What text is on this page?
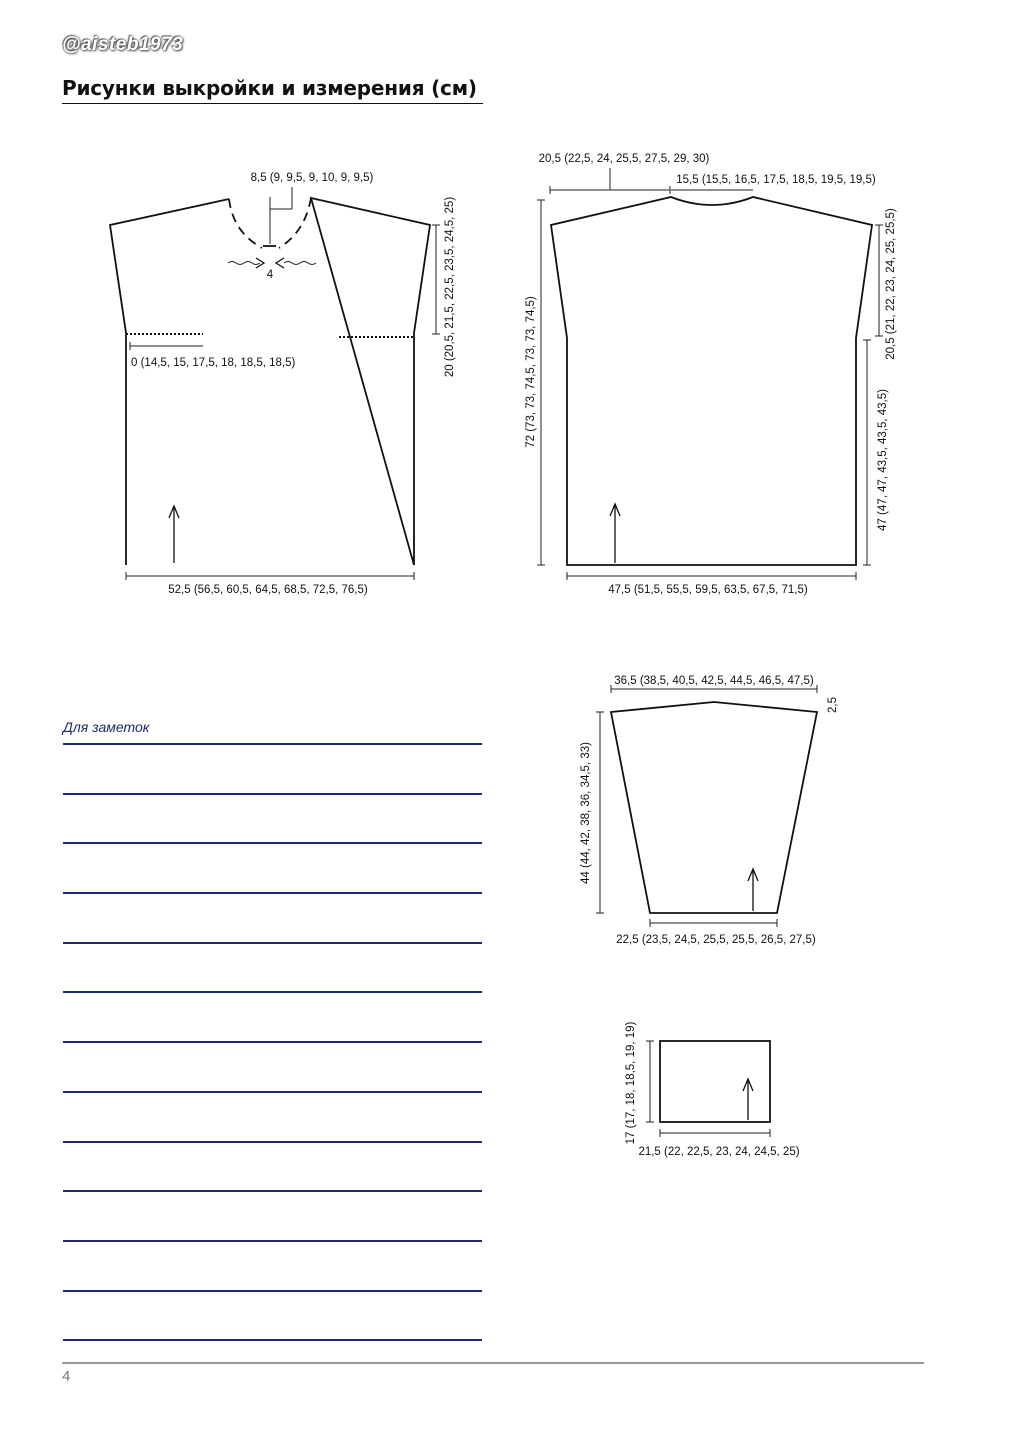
@aisteb1973
Рисунки выкройки и измерения (см)
8,5 (9, 9,5, 9, 10, 9, 9,5)
4
0 (14,5, 15, 17,5, 18, 18,5, 18,5)	20 (20,5, 21,5, 22,5, 23,5, 24,5, 25)
52,5 (56,5, 60,5, 64,5, 68,5, 72,5, 76,5)
20,5 (22,5, 24, 25,5, 27,5, 29, 30)
15,5 (15,5, 16,5, 17,5, 18,5, 19,5, 19,5)
72 (73, 73, 74,5, 73, 73, 74,5)
20,5 (21, 22, 23, 24, 25, 25,5)
47 (47, 47, 43,5, 43,5, 43,5)
47,5 (51,5, 55,5, 59,5, 63,5, 67,5, 71,5)
36,5 (38,5, 40,5, 42,5, 44,5, 46,5, 47,5)
2,5
44 (44, 42, 38, 36, 34,5, 33)
22,5 (23,5, 24,5, 25,5, 25,5, 26,5, 27,5)
17 (17, 18, 18,5, 19, 19)
21,5 (22, 22,5, 23, 24, 24,5, 25)
Для заметок
4
